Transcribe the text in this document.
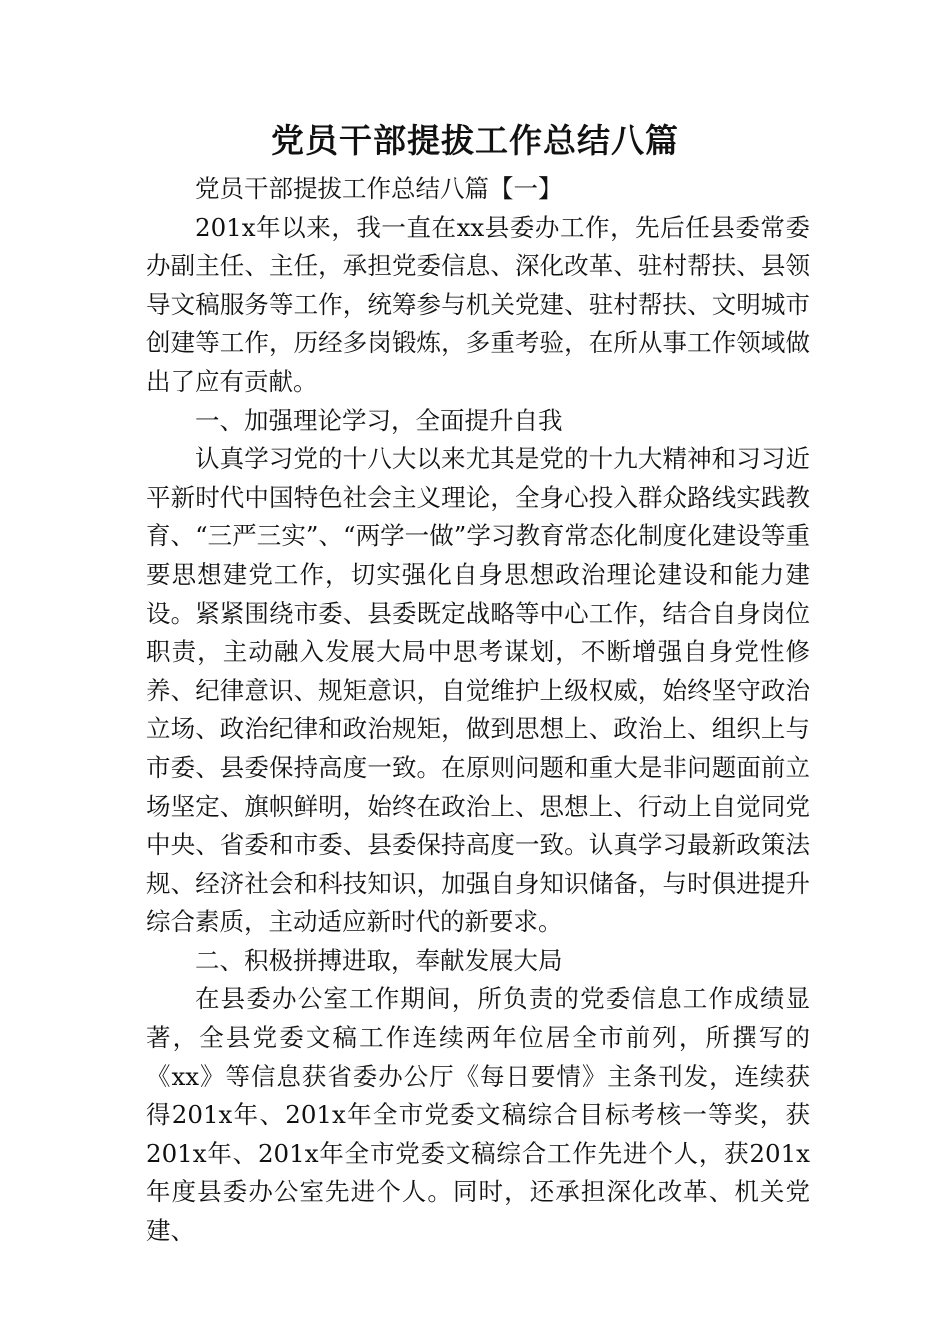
党员干部提拔工作总结八篇

党员干部提拔工作总结八篇【一】

201x年以来，我一直在xx县委办工作，先后任县委常委办副主任、主任，承担党委信息、深化改革、驻村帮扶、县领导文稿服务等工作，统筹参与机关党建、驻村帮扶、文明城市创建等工作，历经多岗锻炼，多重考验，在所从事工作领域做出了应有贡献。

一、加强理论学习，全面提升自我

认真学习党的十八大以来尤其是党的十九大精神和习习近平新时代中国特色社会主义理论，全身心投入群众路线实践教育、“三严三实”、“两学一做”学习教育常态化制度化建设等重要思想建党工作，切实强化自身思想政治理论建设和能力建设。紧紧围绕市委、县委既定战略等中心工作，结合自身岗位职责，主动融入发展大局中思考谋划，不断增强自身党性修养、纪律意识、规矩意识，自觉维护上级权威，始终坚守政治立场、政治纪律和政治规矩，做到思想上、政治上、组织上与市委、县委保持高度一致。在原则问题和重大是非问题面前立场坚定、旗帜鲜明，始终在政治上、思想上、行动上自觉同党中央、省委和市委、县委保持高度一致。认真学习最新政策法规、经济社会和科技知识，加强自身知识储备，与时俱进提升综合素质，主动适应新时代的新要求。

二、积极拼搏进取，奉献发展大局

在县委办公室工作期间，所负责的党委信息工作成绩显著，全县党委文稿工作连续两年位居全市前列，所撰写的《xx》等信息获省委办公厅《每日要情》主条刊发，连续获得201x年、201x年全市党委文稿综合目标考核一等奖，获201x年、201x年全市党委文稿综合工作先进个人，获201x年度县委办公室先进个人。同时，还承担深化改革、机关党建、
